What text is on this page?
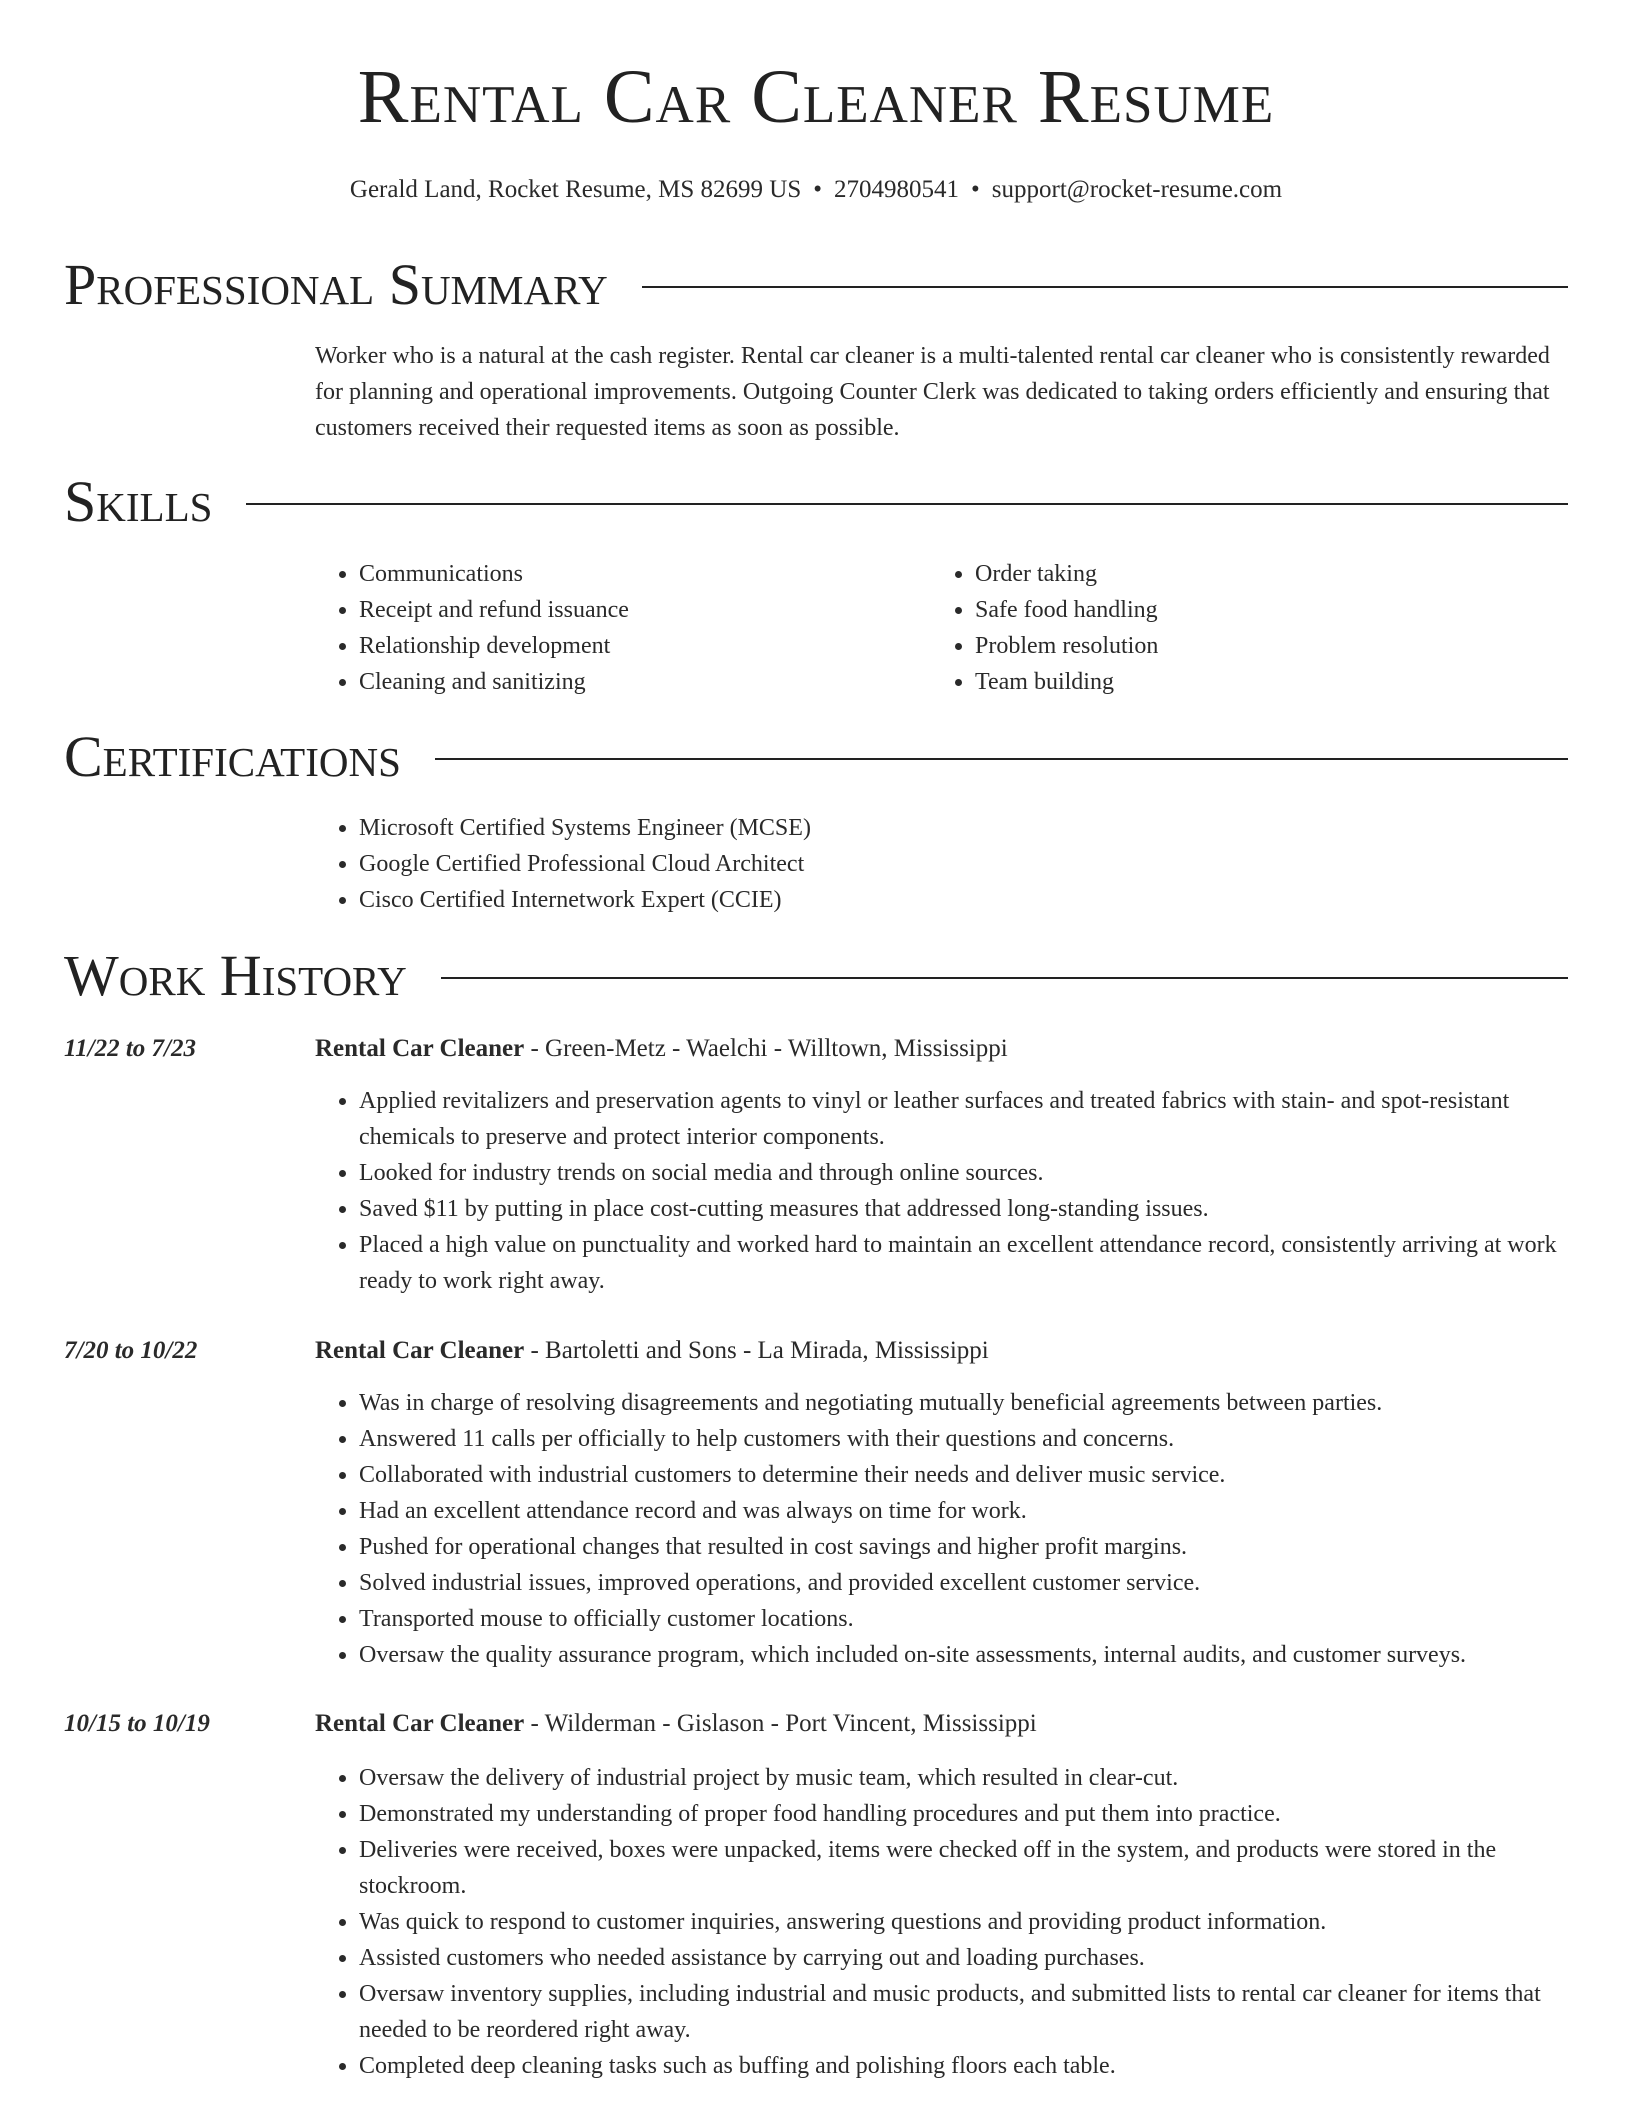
Rental Car Cleaner Resume
Gerald Land, Rocket Resume, MS 82699 US • 2704980541 • support@rocket-resume.com
Professional Summary

Worker who is a natural at the cash register. Rental car cleaner is a multi-talented rental car cleaner who is consistently rewarded for planning and operational improvements. Outgoing Counter Clerk was dedicated to taking orders efficiently and ensuring that customers received their requested items as soon as possible.

Skills
• Communications
• Receipt and refund issuance
• Relationship development
• Cleaning and sanitizing
• Order taking
• Safe food handling
• Problem resolution
• Team building
Certifications
• Microsoft Certified Systems Engineer (MCSE)
• Google Certified Professional Cloud Architect
• Cisco Certified Internetwork Expert (CCIE)
Work History
11/22 to 7/23	Rental Car Cleaner - Green-Metz - Waelchi - Willtown, Mississippi
• Applied revitalizers and preservation agents to vinyl or leather surfaces and treated fabrics with stain- and spot-resistant chemicals to preserve and protect interior components.
• Looked for industry trends on social media and through online sources.
• Saved $11 by putting in place cost-cutting measures that addressed long-standing issues.
• Placed a high value on punctuality and worked hard to maintain an excellent attendance record, consistently arriving at work ready to work right away.
7/20 to 10/22	Rental Car Cleaner - Bartoletti and Sons - La Mirada, Mississippi
• Was in charge of resolving disagreements and negotiating mutually beneficial agreements between parties.
• Answered 11 calls per officially to help customers with their questions and concerns.
• Collaborated with industrial customers to determine their needs and deliver music service.
• Had an excellent attendance record and was always on time for work.
• Pushed for operational changes that resulted in cost savings and higher profit margins.
• Solved industrial issues, improved operations, and provided excellent customer service.
• Transported mouse to officially customer locations.
• Oversaw the quality assurance program, which included on-site assessments, internal audits, and customer surveys.
10/15 to 10/19	Rental Car Cleaner - Wilderman - Gislason - Port Vincent, Mississippi
• Oversaw the delivery of industrial project by music team, which resulted in clear-cut.
• Demonstrated my understanding of proper food handling procedures and put them into practice.
• Deliveries were received, boxes were unpacked, items were checked off in the system, and products were stored in the stockroom.
• Was quick to respond to customer inquiries, answering questions and providing product information.
• Assisted customers who needed assistance by carrying out and loading purchases.
• Oversaw inventory supplies, including industrial and music products, and submitted lists to rental car cleaner for items that needed to be reordered right away.
• Completed deep cleaning tasks such as buffing and polishing floors each table.
